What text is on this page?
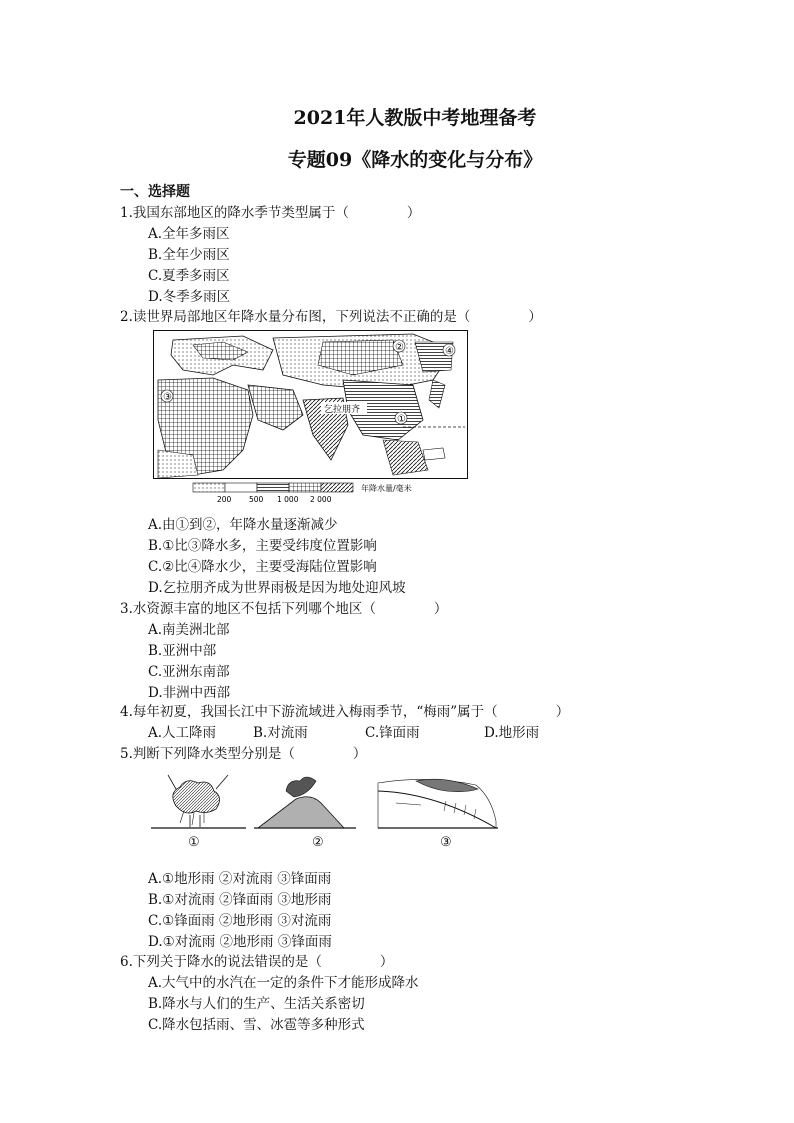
2021年人教版中考地理备考
专题09《降水的变化与分布》
一、选择题
1.我国东部地区的降水季节类型属于（	）
A.全年多雨区
B.全年少雨区
C.夏季多雨区
D.冬季多雨区
2.读世界局部地区年降水量分布图，下列说法不正确的是（	）
乞拉朋齐
①
②
③
④
200 500 1 000 2 000
年降水量/毫米
A.由①到②，年降水量逐渐减少
B.①比③降水多，主要受纬度位置影响
C.②比④降水少，主要受海陆位置影响
D.乞拉朋齐成为世界雨极是因为地处迎风坡
3.水资源丰富的地区不包括下列哪个地区（	）
A.南美洲北部
B.亚洲中部
C.亚洲东南部
D.非洲中西部
4.每年初夏，我国长江中下游流域进入梅雨季节，“梅雨”属于（	）
A.人工降雨	B.对流雨	C.锋面雨	D.地形雨
5.判断下列降水类型分别是（	）
①	②	③
A.①地形雨 ②对流雨 ③锋面雨
B.①对流雨 ②锋面雨 ③地形雨
C.①锋面雨 ②地形雨 ③对流雨
D.①对流雨 ②地形雨 ③锋面雨
6.下列关于降水的说法错误的是（	）
A.大气中的水汽在一定的条件下才能形成降水
B.降水与人们的生产、生活关系密切
C.降水包括雨、雪、冰雹等多种形式
